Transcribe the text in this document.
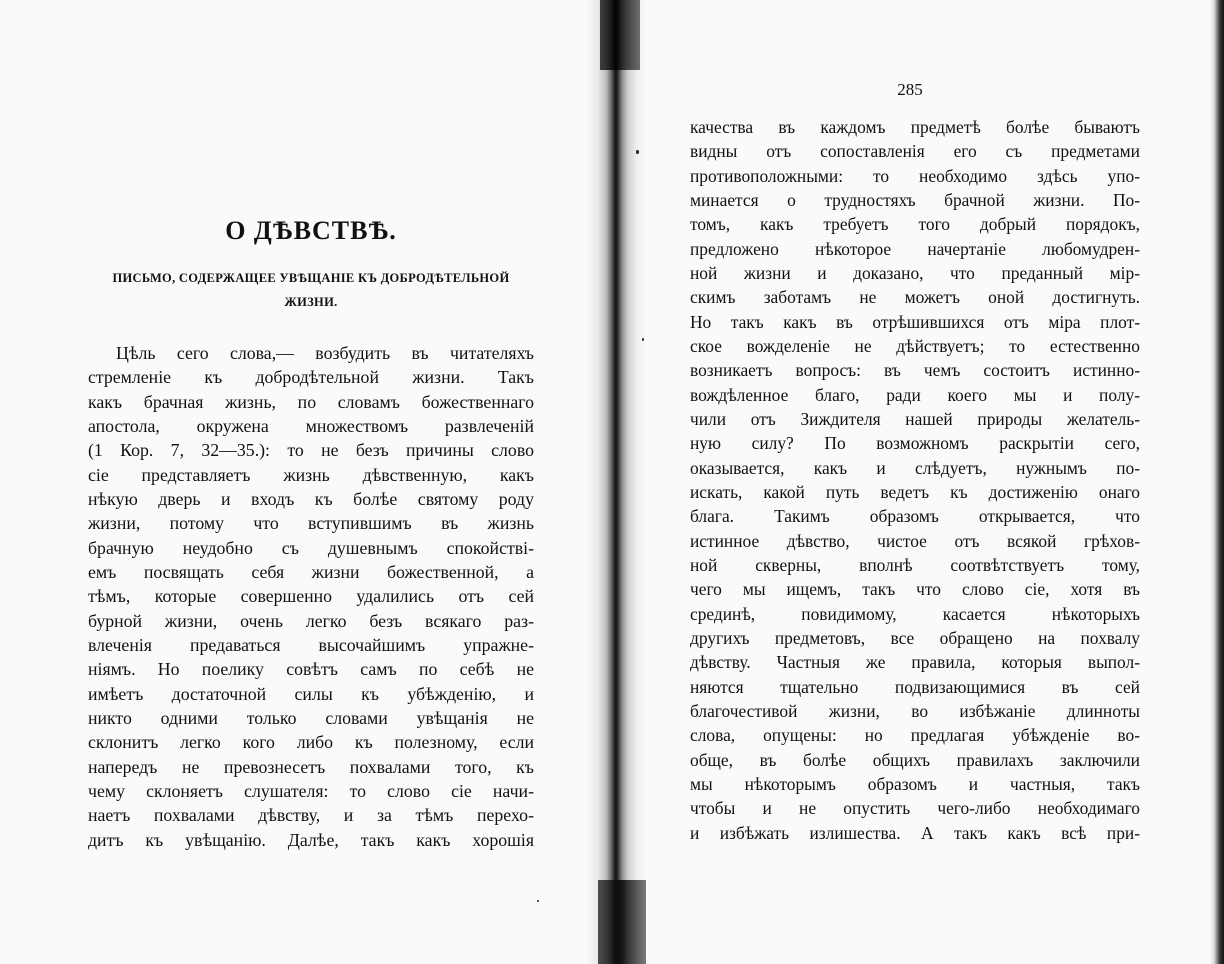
О ДѢВСТВѢ.
ПИСЬМО, СОДЕРЖАЩЕЕ УВѢЩАНІЕ КЪ ДОБРОДѢТЕЛЬНОЙ
ЖИЗНИ.
Цѣль сего слова,— возбудить въ читателяхъ
стремленіе къ добродѣтельной жизни. Такъ
какъ брачная жизнь, по словамъ божественнаго
апостола, окружена множествомъ развлеченій
(1 Кор. 7, 32—35.): то не безъ причины слово
сіе представляетъ жизнь дѣвственную, какъ
нѣкую дверь и входъ къ болѣе святому роду
жизни, потому что вступившимъ въ жизнь
брачную неудобно съ душевнымъ спокойстві-
емъ посвящать себя жизни божественной, а
тѣмъ, которые совершенно удалились отъ сей
бурной жизни, очень легко безъ всякаго раз-
влеченія предаваться высочайшимъ упражне-
ніямъ. Но поелику совѣтъ самъ по себѣ не
имѣетъ достаточной силы къ убѣжденію, и
никто одними только словами увѣщанія не
склонитъ легко кого либо къ полезному, если
напередъ не превознесетъ похвалами того, къ
чему склоняетъ слушателя: то слово сіе начи-
наетъ похвалами дѣвству, и за тѣмъ перехо-
дитъ къ увѣщанію. Далѣе, такъ какъ хорошія
285
качества въ каждомъ предметѣ болѣе бываютъ
видны отъ сопоставленія его съ предметами
противоположными: то необходимо здѣсь упо-
минается о трудностяхъ брачной жизни. По-
томъ, какъ требуетъ того добрый порядокъ,
предложено нѣкоторое начертаніе любомудрен-
ной жизни и доказано, что преданный мір-
скимъ заботамъ не можетъ оной достигнуть.
Но такъ какъ въ отрѣшившихся отъ міра плот-
ское вожделеніе не дѣйствуетъ; то естественно
возникаетъ вопросъ: въ чемъ состоитъ истинно-
вождѣленное благо, ради коего мы и полу-
чили отъ Зиждителя нашей природы желатель-
ную силу? По возможномъ раскрытіи сего,
оказывается, какъ и слѣдуетъ, нужнымъ по-
искать, какой путь ведетъ къ достиженію онаго
блага. Такимъ образомъ открывается, что
истинное дѣвство, чистое отъ всякой грѣхов-
ной скверны, вполнѣ соотвѣтствуетъ тому,
чего мы ищемъ, такъ что слово сіе, хотя въ
срединѣ, повидимому, касается нѣкоторыхъ
другихъ предметовъ, все обращено на похвалу
дѣвству. Частныя же правила, которыя выпол-
няются тщательно подвизающимися въ сей
благочестивой жизни, во избѣжаніе длинноты
слова, опущены: но предлагая убѣжденіе во-
обще, въ болѣе общихъ правилахъ заключили
мы нѣкоторымъ образомъ и частныя, такъ
чтобы и не опустить чего-либо необходимаго
и избѣжать излишества. А такъ какъ всѣ при-
